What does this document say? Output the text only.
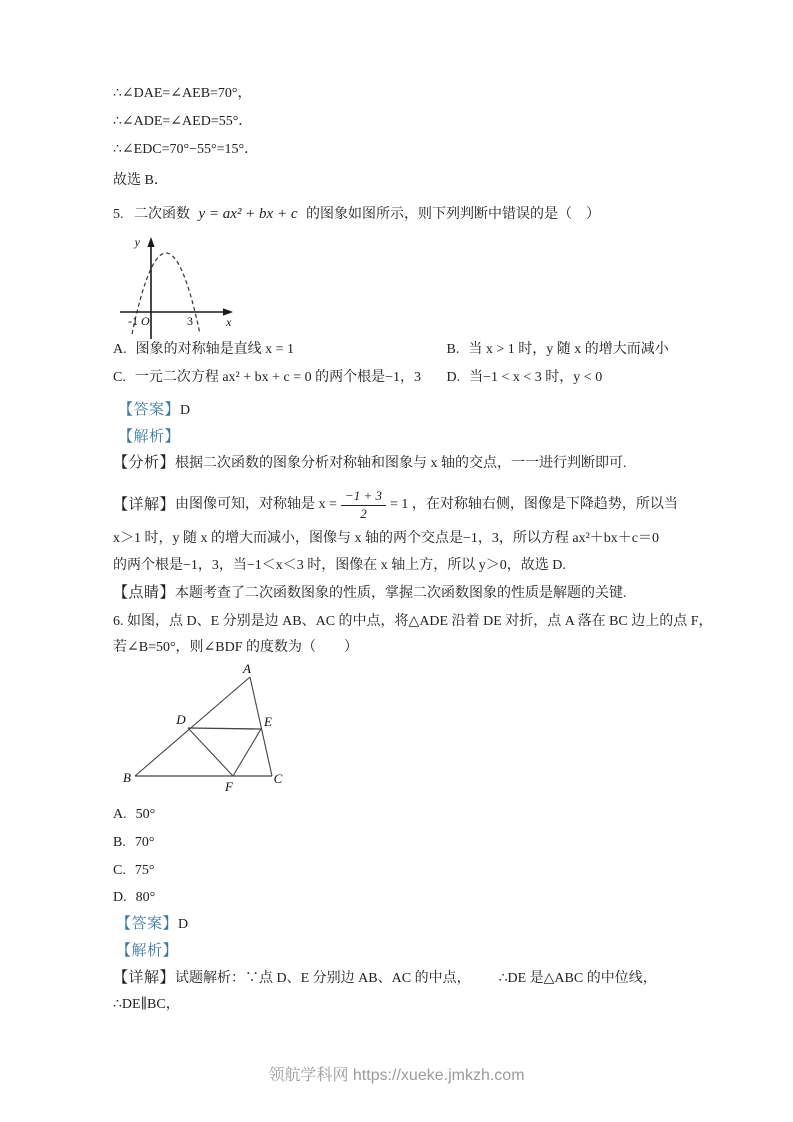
∴∠DAE=∠AEB=70°，
∴∠ADE=∠AED=55°．
∴∠EDC=70°−55°=15°．
故选 B．
5. 二次函数 y = ax² + bx + c 的图象如图所示，则下列判断中错误的是（　）
y
x
-1 O	3
A. 图象的对称轴是直线 x = 1	B. 当 x > 1 时，y 随 x 的增大而减小
C. 一元二次方程 ax² + bx + c = 0 的两个根是−1，3 D. 当−1 < x < 3 时，y < 0
【答案】D
【解析】
【分析】根据二次函数的图象分析对称轴和图象与 x 轴的交点，一一进行判断即可.
【详解】 由图像可知，对称轴是 $x = \frac{-1 + 3}{2} = 1$ ，在对称轴右侧，图像是下降趋势，所以当
x＞1 时，y 随 x 的增大而减小，图像与 x 轴的两个交点是−1，3，所以方程 ax²＋bx＋c＝0
的两个根是−1，3，当−1＜x＜3 时，图像在 x 轴上方，所以 y＞0，故选 D.
【点睛】本题考查了二次函数图象的性质，掌握二次函数图象的性质是解题的关键.
6. 如图，点 D、E 分别是边 AB、AC 的中点，将△ADE 沿着 DE 对折，点 A 落在 BC 边上的点 F，
若∠B=50°，则∠BDF 的度数为（　　）
A
B	C
D	E
F
A. 50°
B. 70°
C. 75°
D. 80°
【答案】D
【解析】
【详解】试题解析：∵点 D、E 分别边 AB、AC 的中点， ∴DE 是△ABC 的中位线，
∴DE∥BC，
领航学科网 https://xueke.jmkzh.com
